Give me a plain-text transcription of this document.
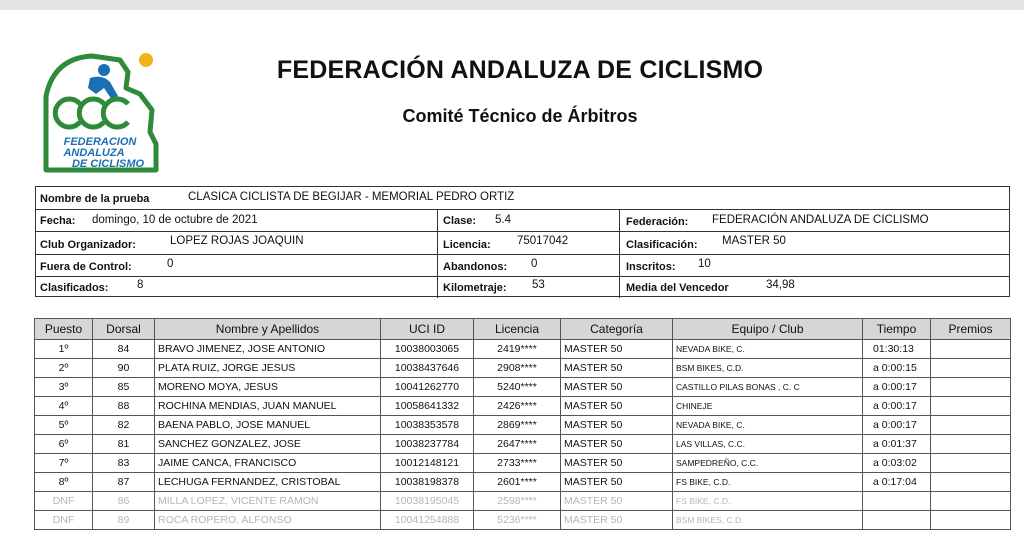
FEDERACION
ANDALUZA
DE CICLISMO
FEDERACIÓN ANDALUZA DE CICLISMO
Comité Técnico de Árbitros
Nombre de la prueba	CLASICA CICLISTA DE BEGIJAR - MEMORIAL PEDRO ORTIZ
Fecha: domingo, 10 de octubre de 2021	Clase: 5.4	Federación: FEDERACIÓN ANDALUZA DE CICLISMO
Club Organizador:	LOPEZ ROJAS JOAQUIN	Licencia: 75017042	Clasificación: MASTER 50
Fuera de Control:	0	Abandonos: 0	Inscritos: 10
Clasificados: 8	Kilometraje: 53	Media del Vencedor	34,98
Puesto	Dorsal	Nombre y Apellidos	UCI ID	Licencia	Categoría	Equipo / Club	Tiempo	Premios
1º	84	BRAVO JIMENEZ, JOSE ANTONIO	10038003065	2419****	MASTER 50	NEVADA BIKE, C.	01:30:13	
2º	90	PLATA RUIZ, JORGE JESUS	10038437646	2908****	MASTER 50	BSM BIKES, C.D.	a 0:00:15	
3º	85	MORENO MOYA, JESUS	10041262770	5240****	MASTER 50	CASTILLO PILAS BONAS , C. C	a 0:00:17	
4º	88	ROCHINA MENDIAS, JUAN MANUEL	10058641332	2426****	MASTER 50	CHINEJE	a 0:00:17	
5º	82	BAENA PABLO, JOSE MANUEL	10038353578	2869****	MASTER 50	NEVADA BIKE, C.	a 0:00:17	
6º	81	SANCHEZ GONZALEZ, JOSE	10038237784	2647****	MASTER 50	LAS VILLAS, C.C.	a 0:01:37	
7º	83	JAIME CANCA, FRANCISCO	10012148121	2733****	MASTER 50	SAMPEDREÑO, C.C.	a 0:03:02	
8º	87	LECHUGA FERNANDEZ, CRISTOBAL	10038198378	2601****	MASTER 50	FS BIKE, C.D.	a 0:17:04	
DNF	86	MILLA LOPEZ, VICENTE RAMON	10038195045	2598****	MASTER 50	FS BIKE, C.D.		
DNF	89	ROCA ROPERO, ALFONSO	10041254888	5236****	MASTER 50	BSM BIKES, C.D.		
